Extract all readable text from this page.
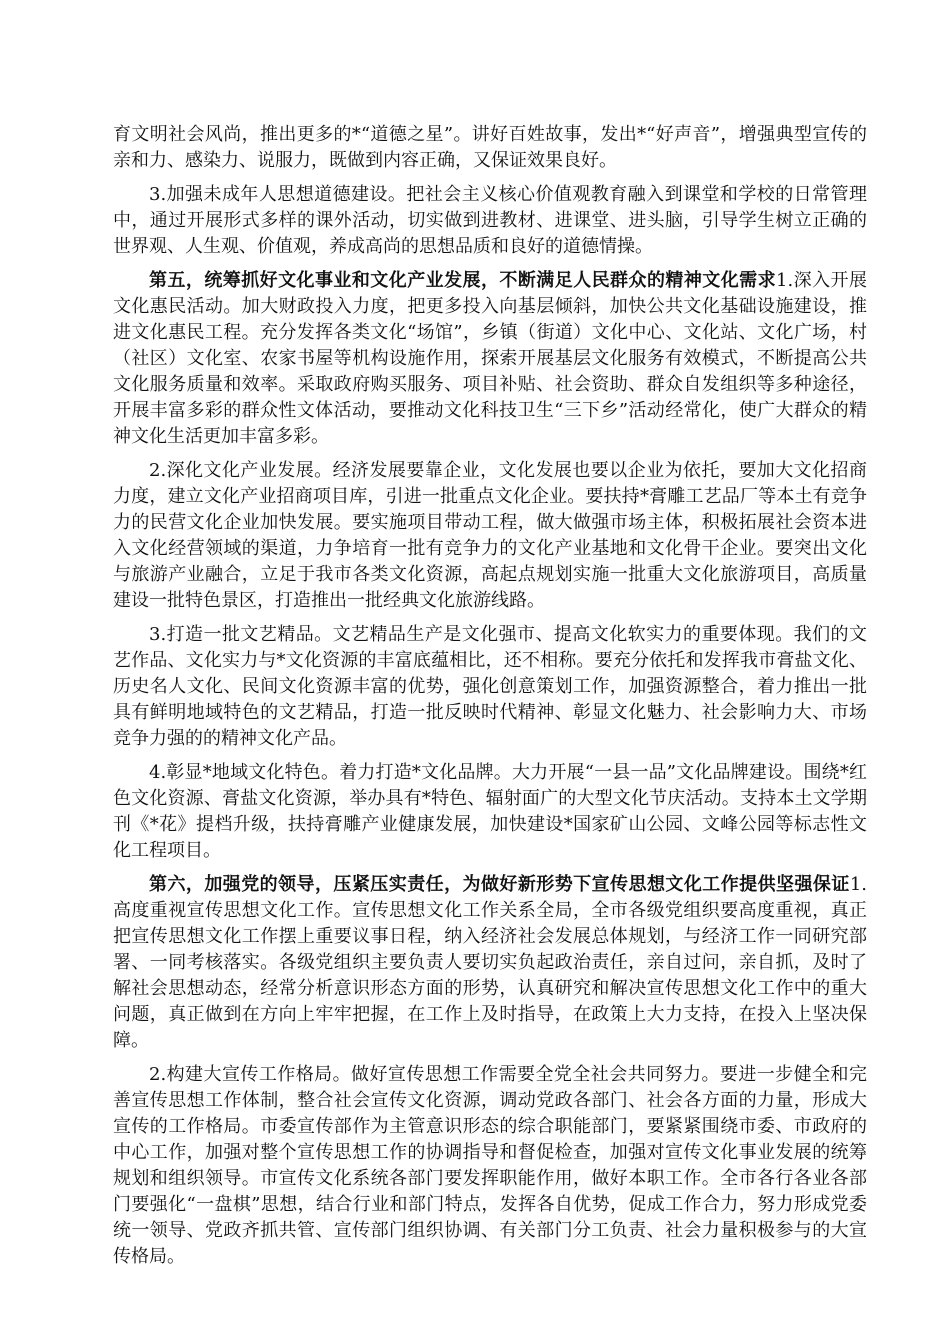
育文明社会风尚，推出更多的*“道德之星”。讲好百姓故事，发出*“好声音”，增强典型宣传的亲和力、感染力、说服力，既做到内容正确，又保证效果良好。

3.加强未成年人思想道德建设。把社会主义核心价值观教育融入到课堂和学校的日常管理中，通过开展形式多样的课外活动，切实做到进教材、进课堂、进头脑，引导学生树立正确的世界观、人生观、价值观，养成高尚的思想品质和良好的道德情操。

第五，统筹抓好文化事业和文化产业发展，不断满足人民群众的精神文化需求1.深入开展文化惠民活动。加大财政投入力度，把更多投入向基层倾斜，加快公共文化基础设施建设，推进文化惠民工程。充分发挥各类文化“场馆”，乡镇（街道）文化中心、文化站、文化广场，村（社区）文化室、农家书屋等机构设施作用，探索开展基层文化服务有效模式，不断提高公共文化服务质量和效率。采取政府购买服务、项目补贴、社会资助、群众自发组织等多种途径，开展丰富多彩的群众性文体活动，要推动文化科技卫生“三下乡”活动经常化，使广大群众的精神文化生活更加丰富多彩。

2.深化文化产业发展。经济发展要靠企业，文化发展也要以企业为依托，要加大文化招商力度，建立文化产业招商项目库，引进一批重点文化企业。要扶持*膏雕工艺品厂等本土有竞争力的民营文化企业加快发展。要实施项目带动工程，做大做强市场主体，积极拓展社会资本进入文化经营领域的渠道，力争培育一批有竞争力的文化产业基地和文化骨干企业。要突出文化与旅游产业融合，立足于我市各类文化资源，高起点规划实施一批重大文化旅游项目，高质量建设一批特色景区，打造推出一批经典文化旅游线路。

3.打造一批文艺精品。文艺精品生产是文化强市、提高文化软实力的重要体现。我们的文艺作品、文化实力与*文化资源的丰富底蕴相比，还不相称。要充分依托和发挥我市膏盐文化、历史名人文化、民间文化资源丰富的优势，强化创意策划工作，加强资源整合，着力推出一批具有鲜明地域特色的文艺精品，打造一批反映时代精神、彰显文化魅力、社会影响力大、市场竞争力强的的精神文化产品。

4.彰显*地域文化特色。着力打造*文化品牌。大力开展“一县一品”文化品牌建设。围绕*红色文化资源、膏盐文化资源，举办具有*特色、辐射面广的大型文化节庆活动。支持本土文学期刊《*花》提档升级，扶持膏雕产业健康发展，加快建设*国家矿山公园、文峰公园等标志性文化工程项目。

第六，加强党的领导，压紧压实责任，为做好新形势下宣传思想文化工作提供坚强保证1.高度重视宣传思想文化工作。宣传思想文化工作关系全局，全市各级党组织要高度重视，真正把宣传思想文化工作摆上重要议事日程，纳入经济社会发展总体规划，与经济工作一同研究部署、一同考核落实。各级党组织主要负责人要切实负起政治责任，亲自过问，亲自抓，及时了解社会思想动态，经常分析意识形态方面的形势，认真研究和解决宣传思想文化工作中的重大问题，真正做到在方向上牢牢把握，在工作上及时指导，在政策上大力支持，在投入上坚决保障。

2.构建大宣传工作格局。做好宣传思想工作需要全党全社会共同努力。要进一步健全和完善宣传思想工作体制，整合社会宣传文化资源，调动党政各部门、社会各方面的力量，形成大宣传的工作格局。市委宣传部作为主管意识形态的综合职能部门，要紧紧围绕市委、市政府的中心工作，加强对整个宣传思想工作的协调指导和督促检查，加强对宣传文化事业发展的统筹规划和组织领导。市宣传文化系统各部门要发挥职能作用，做好本职工作。全市各行各业各部门要强化“一盘棋”思想，结合行业和部门特点，发挥各自优势，促成工作合力，努力形成党委统一领导、党政齐抓共管、宣传部门组织协调、有关部门分工负责、社会力量积极参与的大宣传格局。
